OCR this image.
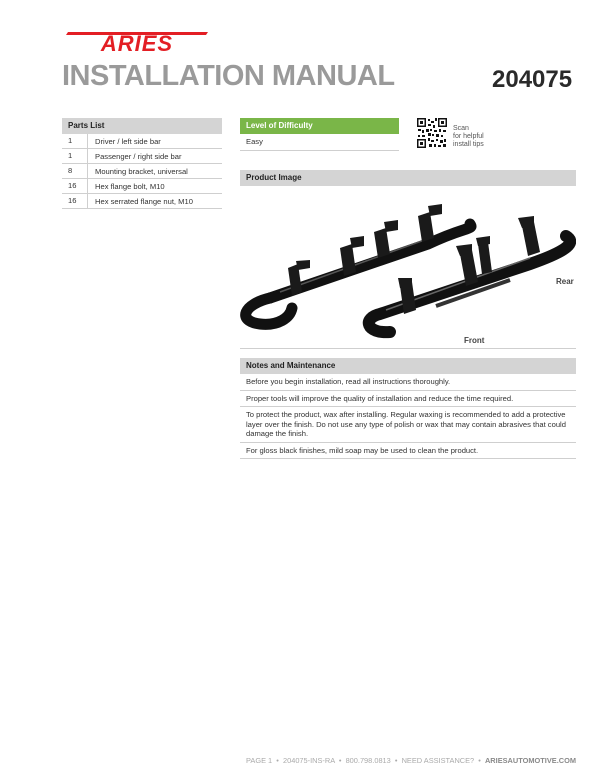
ARIES
INSTALLATION MANUAL	204075
Parts List
1	Driver / left side bar
1	Passenger / right side bar
8	Mounting bracket, universal
16	Hex flange bolt, M10
16	Hex serrated flange nut, M10
Level of Difficulty
Easy
Scan
for helpful
install tips
Product Image
Rear
Front
Notes and Maintenance
Before you begin installation, read all instructions thoroughly.
Proper tools will improve the quality of installation and reduce the time required.
To protect the product, wax after installing. Regular waxing is recommended to add a protective layer over the finish. Do not use any type of polish or wax that may contain abrasives that could damage the finish.
For gloss black finishes, mild soap may be used to clean the product.
PAGE 1 • 204075-INS-RA • 800.798.0813 • NEED ASSISTANCE? • ARIESAUTOMOTIVE.COM
